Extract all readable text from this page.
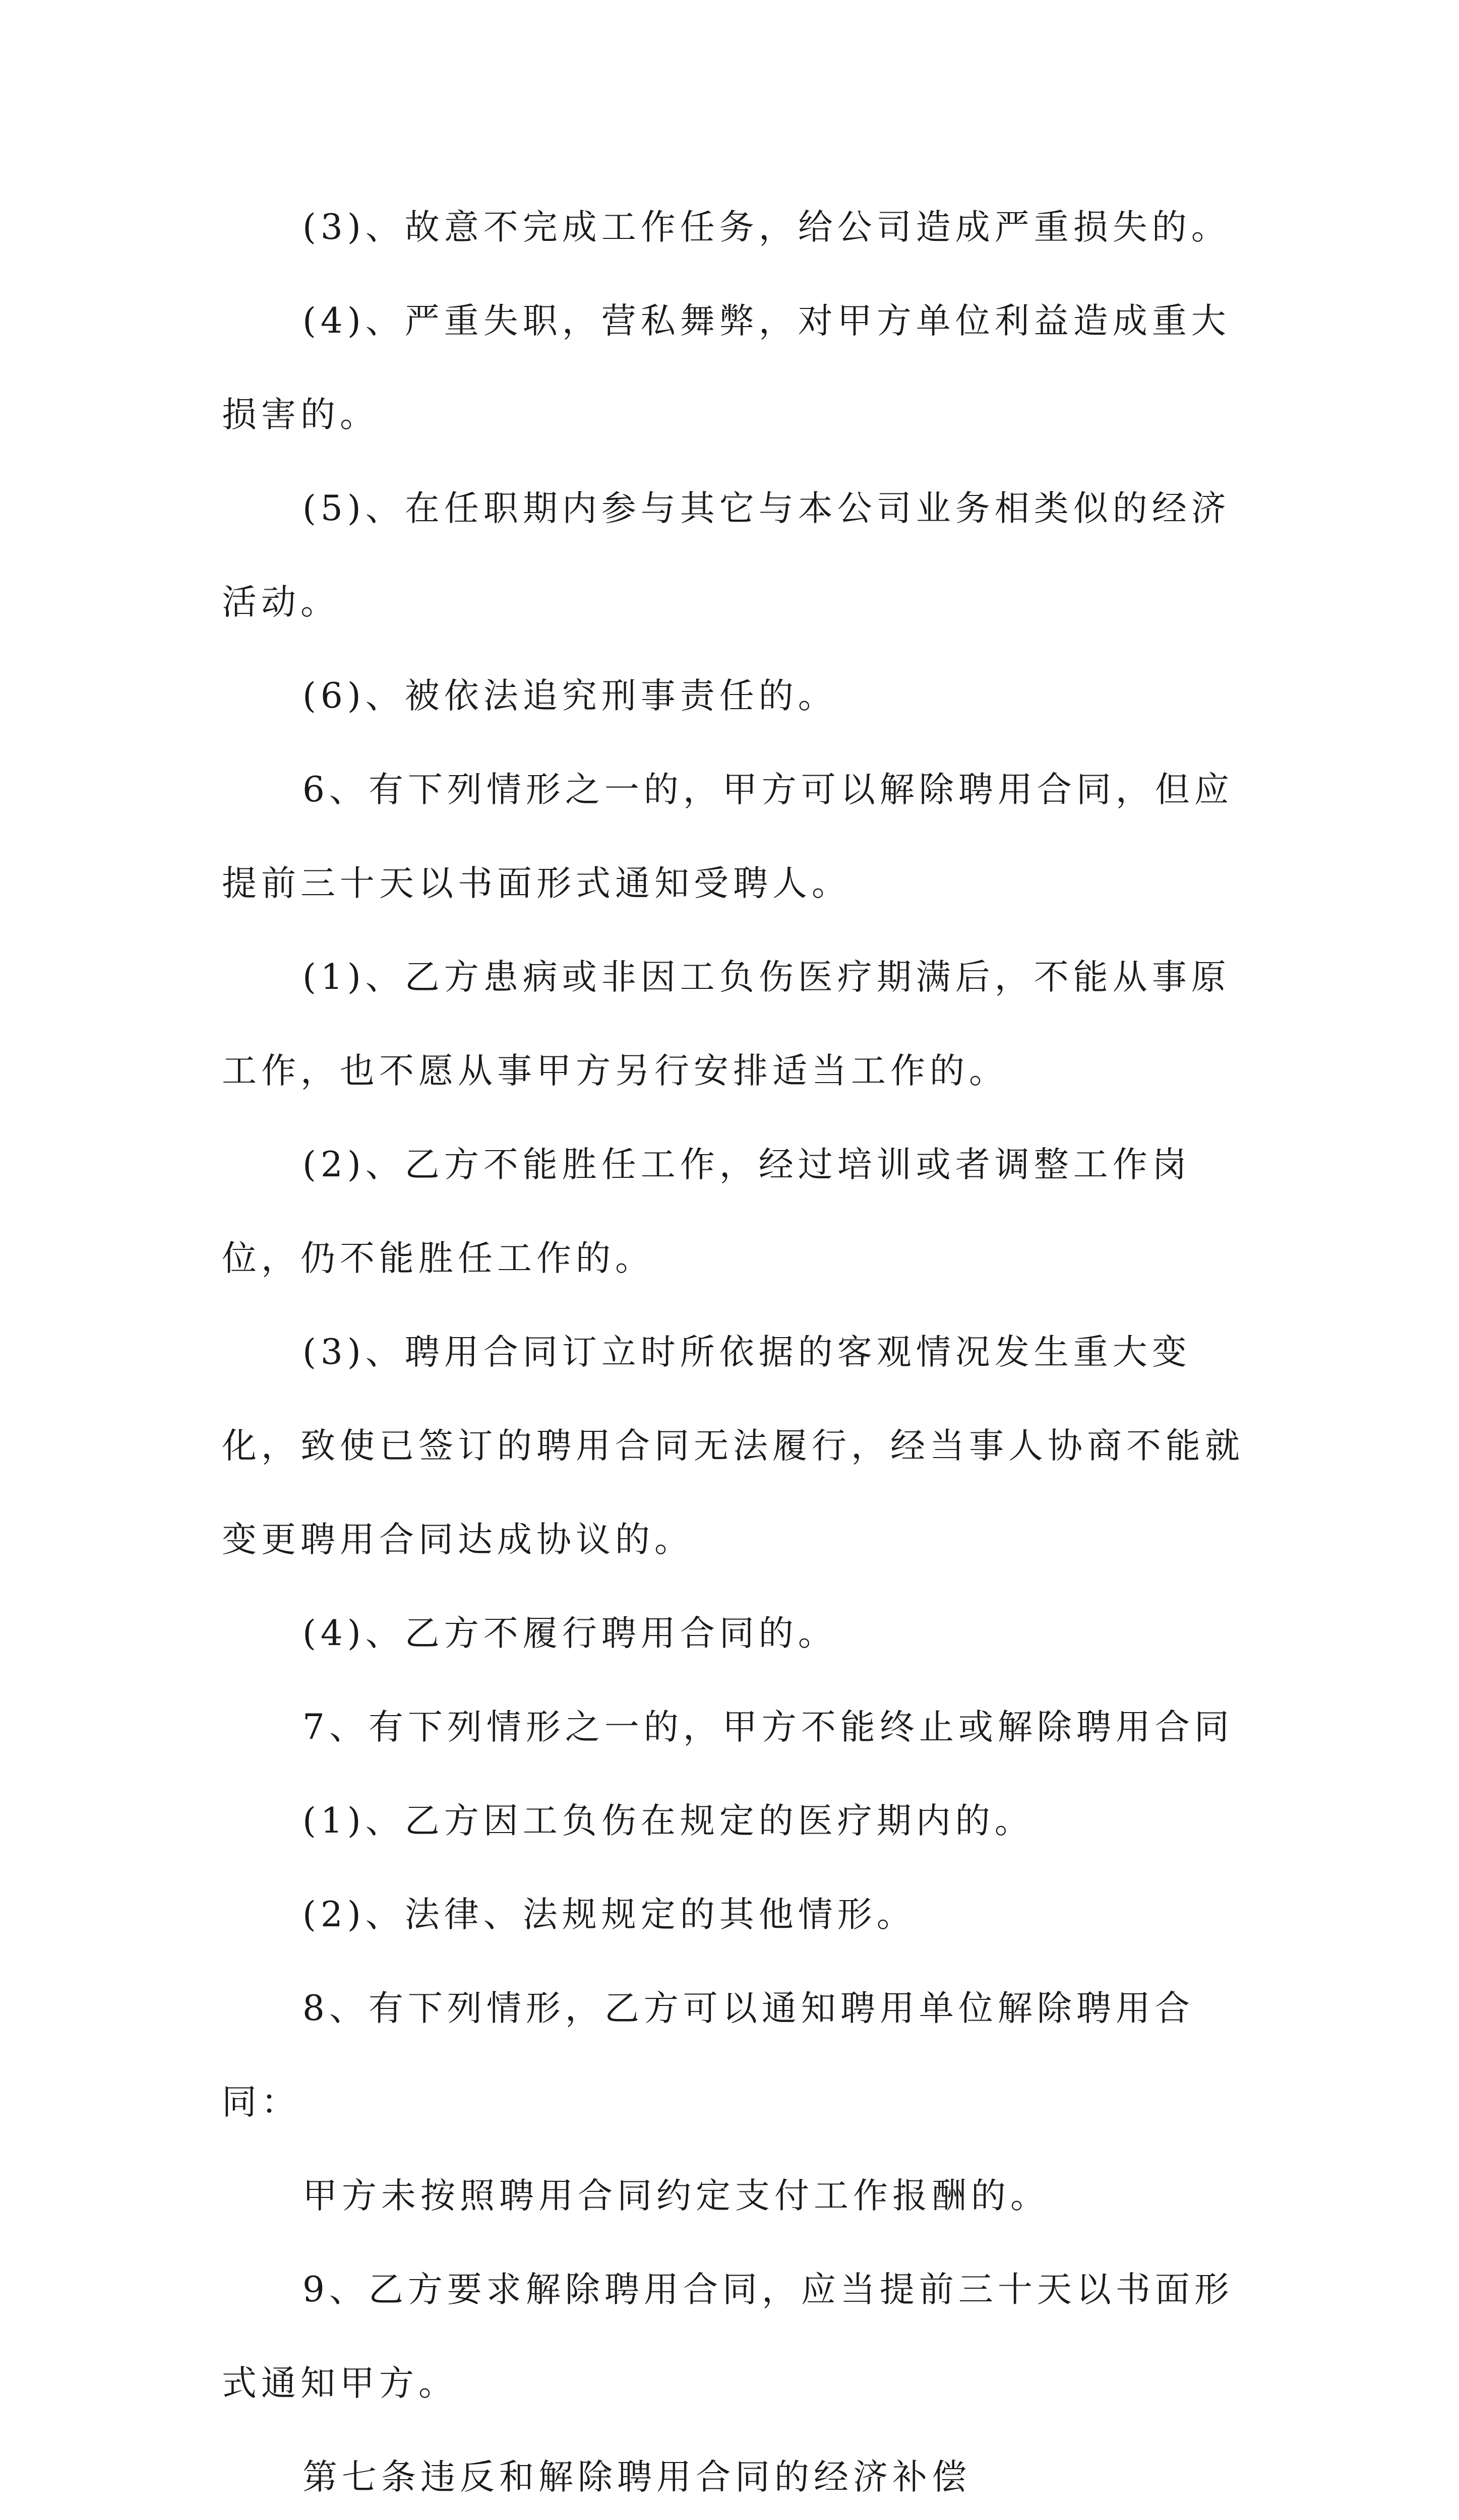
(3)、故意不完成工作任务，给公司造成严重损失的。

(4)、严重失职，营私舞弊，对甲方单位利益造成重大损害的。

(5)、在任职期内参与其它与本公司业务相类似的经济活动。

(6)、被依法追究刑事责任的。

6、有下列情形之一的，甲方可以解除聘用合同，但应提前三十天以书面形式通知受聘人。

(1)、乙方患病或非因工负伤医疗期满后，不能从事原工作，也不愿从事甲方另行安排适当工作的。

(2)、乙方不能胜任工作，经过培训或者调整工作岗位，仍不能胜任工作的。

(3)、聘用合同订立时所依据的客观情况发生重大变化，致使已签订的聘用合同无法履行，经当事人协商不能就变更聘用合同达成协议的。

(4)、乙方不履行聘用合同的。

7、有下列情形之一的，甲方不能终止或解除聘用合同

(1)、乙方因工负伤在规定的医疗期内的。

(2)、法律、法规规定的其他情形。

8、有下列情形，乙方可以通知聘用单位解除聘用合同：

甲方未按照聘用合同约定支付工作报酬的。

9、乙方要求解除聘用合同，应当提前三十天以书面形式通知甲方。

第七条违反和解除聘用合同的经济补偿
